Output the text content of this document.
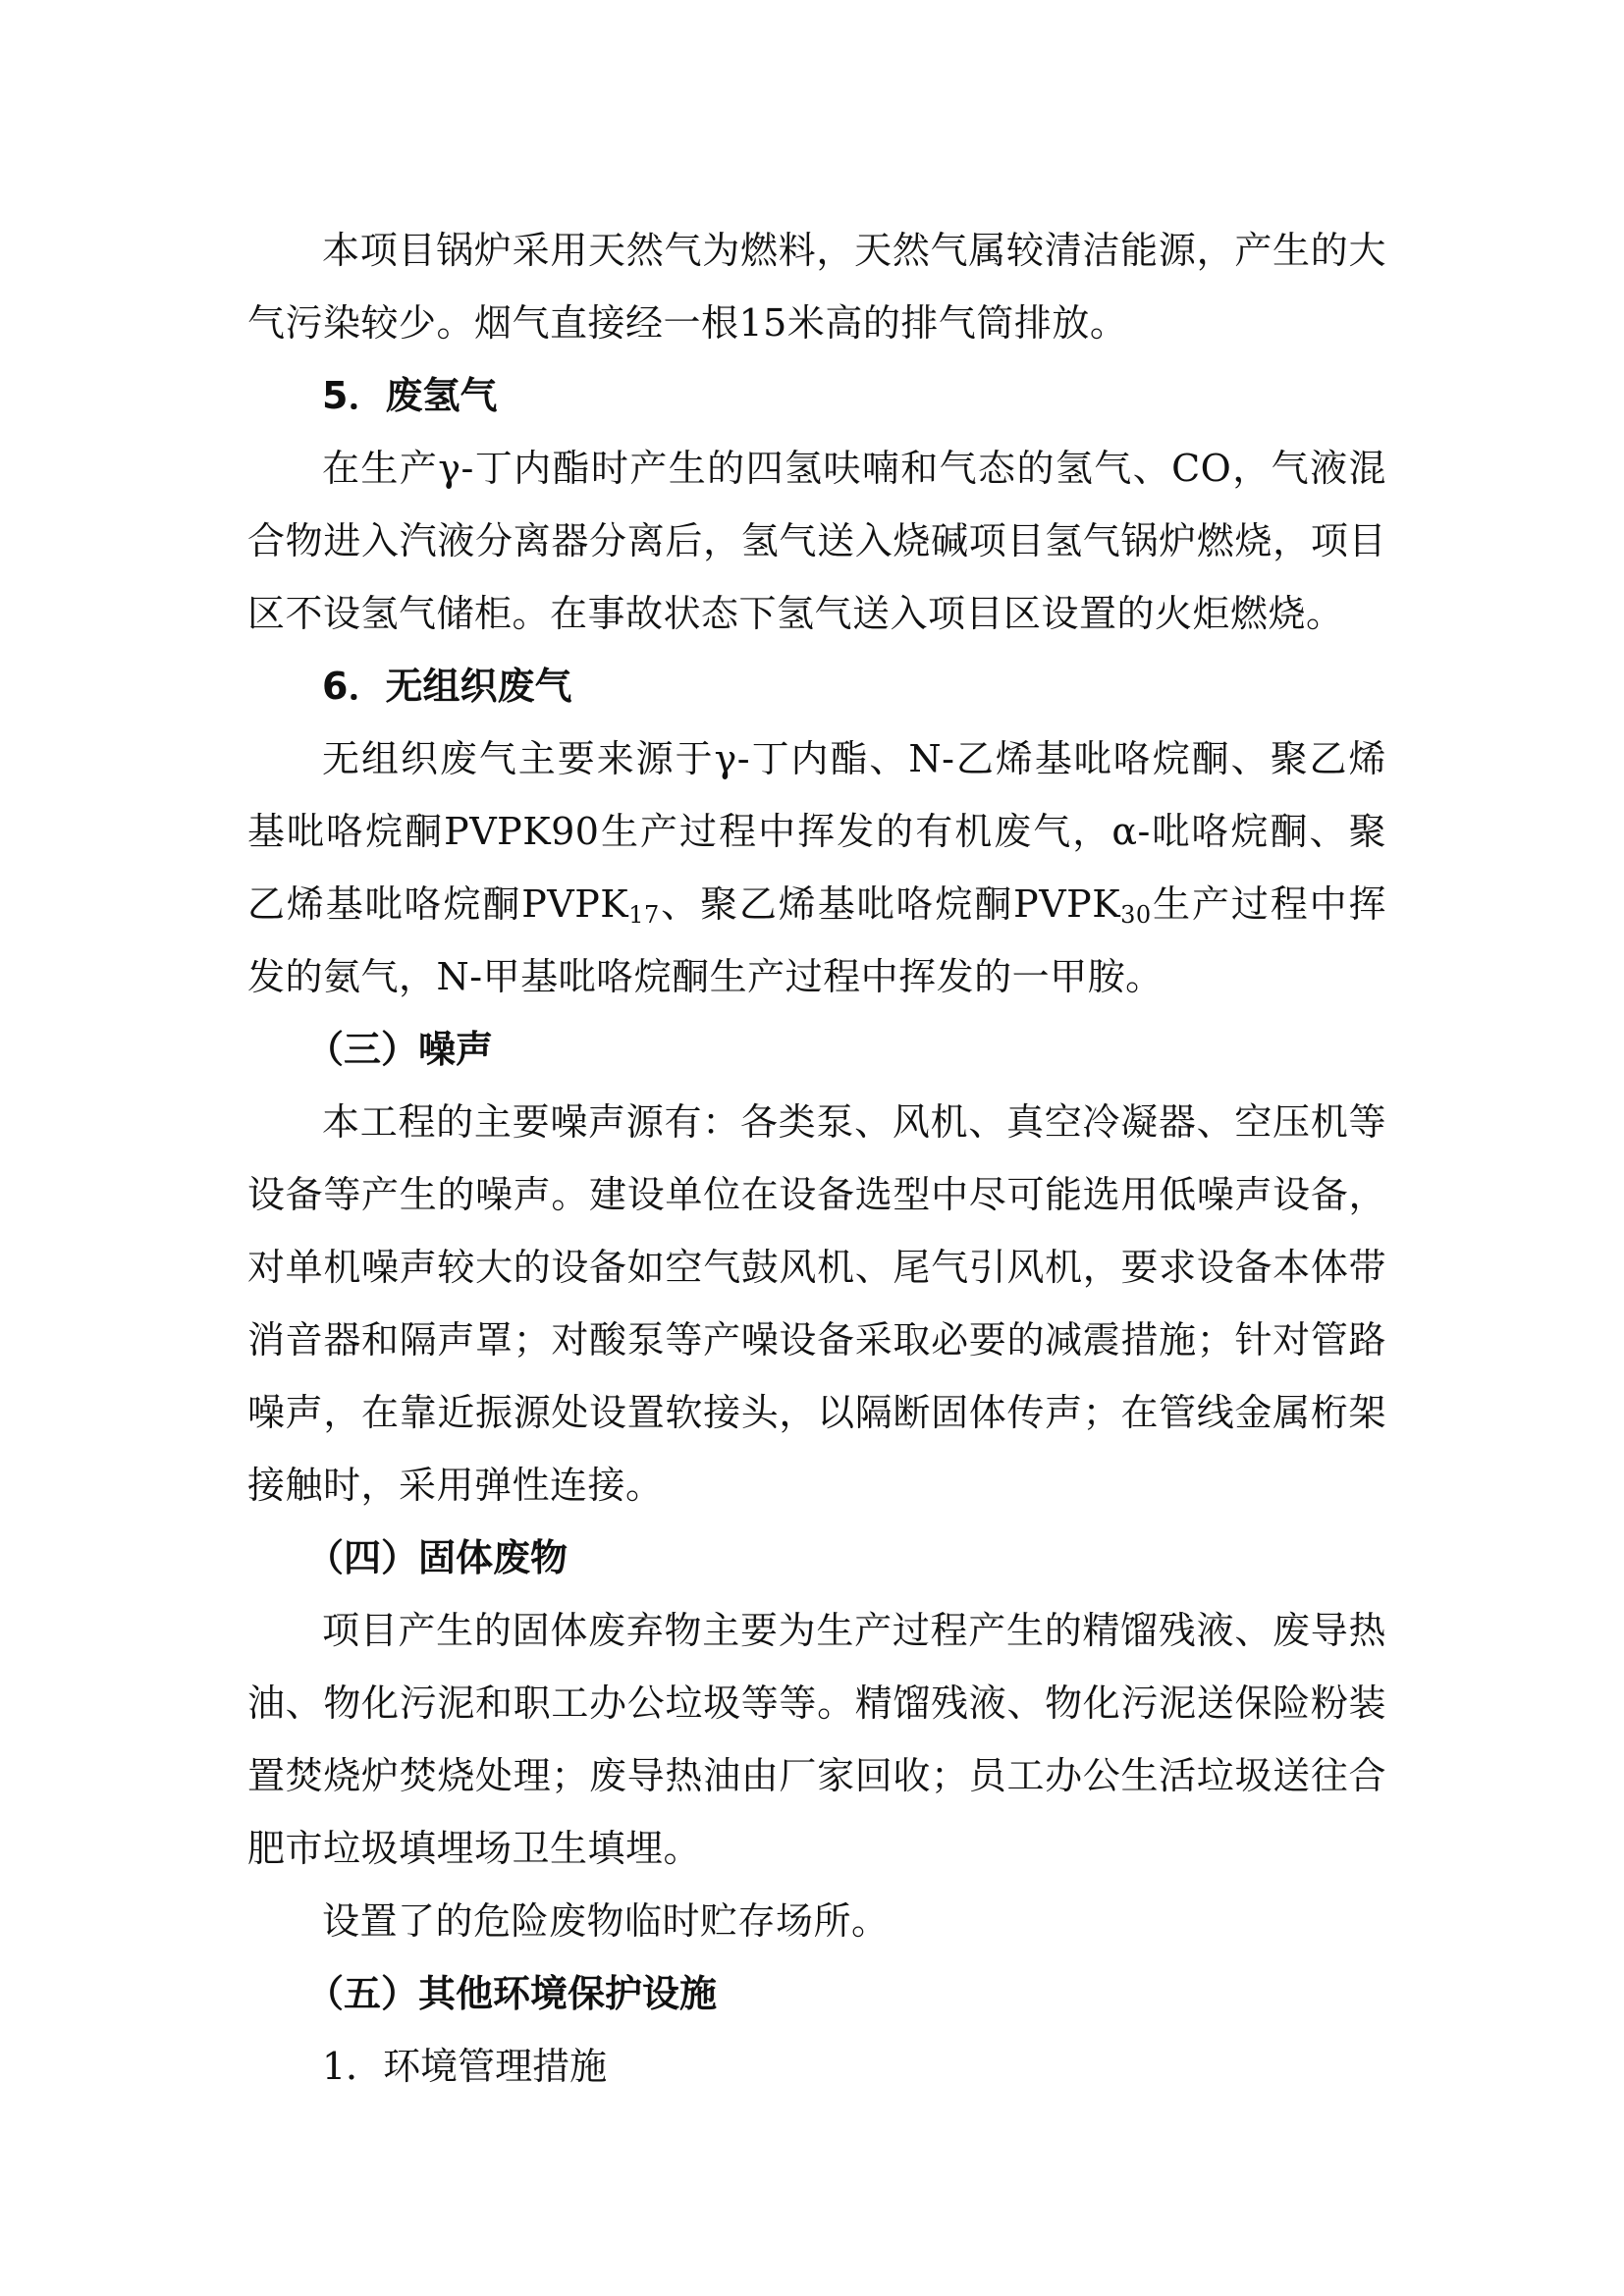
本项目锅炉采用天然气为燃料，天然气属较清洁能源，产生的大气污染较少。烟气直接经一根15米高的排气筒排放。

5．废氢气

在生产γ-丁内酯时产生的四氢呋喃和气态的氢气、CO，气液混合物进入汽液分离器分离后，氢气送入烧碱项目氢气锅炉燃烧，项目区不设氢气储柜。在事故状态下氢气送入项目区设置的火炬燃烧。

6．无组织废气

无组织废气主要来源于γ-丁内酯、N-乙烯基吡咯烷酮、聚乙烯基吡咯烷酮PVPK90生产过程中挥发的有机废气，α-吡咯烷酮、聚乙烯基吡咯烷酮$PVPK_{17}$、聚乙烯基吡咯烷酮$PVPK_{30}$生产过程中挥发的氨气，N-甲基吡咯烷酮生产过程中挥发的一甲胺。

（三）噪声

本工程的主要噪声源有：各类泵、风机、真空冷凝器、空压机等设备等产生的噪声。建设单位在设备选型中尽可能选用低噪声设备，对单机噪声较大的设备如空气鼓风机、尾气引风机，要求设备本体带消音器和隔声罩；对酸泵等产噪设备采取必要的减震措施；针对管路噪声，在靠近振源处设置软接头，以隔断固体传声；在管线金属桁架接触时，采用弹性连接。

（四）固体废物

项目产生的固体废弃物主要为生产过程产生的精馏残液、废导热油、物化污泥和职工办公垃圾等等。精馏残液、物化污泥送保险粉装置焚烧炉焚烧处理；废导热油由厂家回收；员工办公生活垃圾送往合肥市垃圾填埋场卫生填埋。

设置了的危险废物临时贮存场所。

（五）其他环境保护设施

1．环境管理措施
